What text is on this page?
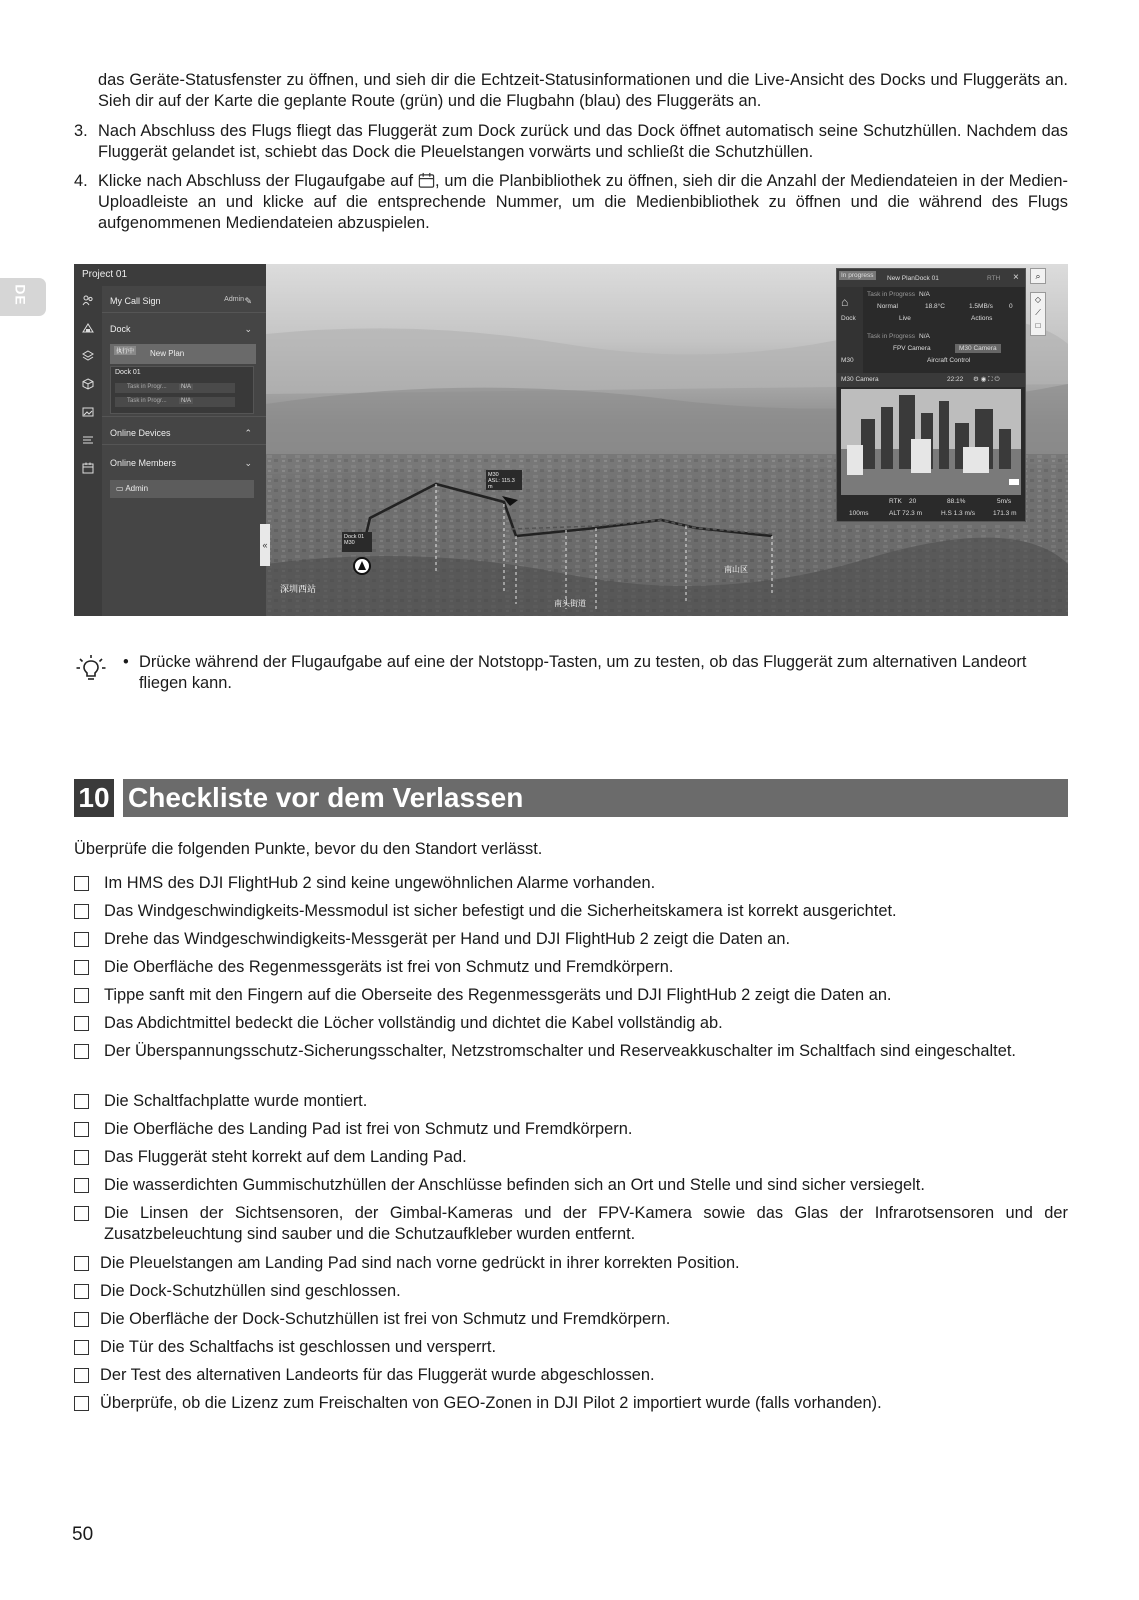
DE
das Geräte-Statusfenster zu öffnen, und sieh dir die Echtzeit-Statusinformationen und die Live-Ansicht des Docks und Fluggeräts an. Sieh dir auf der Karte die geplante Route (grün) und die Flugbahn (blau) des Fluggeräts an.
3. Nach Abschluss des Flugs fliegt das Fluggerät zum Dock zurück und das Dock öffnet automatisch seine Schutzhüllen. Nachdem das Fluggerät gelandet ist, schiebt das Dock die Pleuelstangen vorwärts und schließt die Schutzhüllen.
4. Klicke nach Abschluss der Flugaufgabe auf , um die Planbibliothek zu öffnen, sieh dir die Anzahl der Mediendateien in der Medien-Uploadleiste an und klicke auf die entsprechende Nummer, um die Medienbibliothek zu öffnen und die während des Flugs aufgenommenen Mediendateien abzuspielen.
M30
ASL: 115.3 m
Dock 01
M30
深圳西站
南山区
南头街道
Project 01
My Call Sign	Admin ✎
Dock	⌄
执行中 New Plan
Dock 01
Task in Progr...	N/A
Task in Progr...	N/A
Online Devices	⌃
Online Members	⌄
▭ Admin
«
In progress	New Plan Dock 01	RTH ×
⌂
Dock
M30
Task in Progress N/A
Normal	18.8°C	1.5MB/s 0
Live	Actions
Task in Progress N/A
FPV Camera	M30 Camera
Aircraft Control
M30 Camera	22:22 ⚙ ◉ ⛶ ⏻
RTK 20	88.1%	5m/s
100ms	ALT 72.3 m	H.S 1.3 m/s	171.3 m
⌕
◇
⟋
□
• Drücke während der Flugaufgabe auf eine der Notstopp-Tasten, um zu testen, ob das Fluggerät zum alternativen Landeort fliegen kann.
10 Checkliste vor dem Verlassen
Überprüfe die folgenden Punkte, bevor du den Standort verlässt.
Im HMS des DJI FlightHub 2 sind keine ungewöhnlichen Alarme vorhanden.
Das Windgeschwindigkeits-Messmodul ist sicher befestigt und die Sicherheitskamera ist korrekt ausgerichtet.
Drehe das Windgeschwindigkeits-Messgerät per Hand und DJI FlightHub 2 zeigt die Daten an.
Die Oberfläche des Regenmessgeräts ist frei von Schmutz und Fremdkörpern.
Tippe sanft mit den Fingern auf die Oberseite des Regenmessgeräts und DJI FlightHub 2 zeigt die Daten an.
Das Abdichtmittel bedeckt die Löcher vollständig und dichtet die Kabel vollständig ab.
Der Überspannungsschutz-Sicherungsschalter, Netzstromschalter und Reserveakkuschalter im Schaltfach sind eingeschaltet.
Die Schaltfachplatte wurde montiert.
Die Oberfläche des Landing Pad ist frei von Schmutz und Fremdkörpern.
Das Fluggerät steht korrekt auf dem Landing Pad.
Die wasserdichten Gummischutzhüllen der Anschlüsse befinden sich an Ort und Stelle und sind sicher versiegelt.
Die Linsen der Sichtsensoren, der Gimbal-Kameras und der FPV-Kamera sowie das Glas der Infrarotsensoren und der Zusatzbeleuchtung sind sauber und die Schutzaufkleber wurden entfernt.
Die Pleuelstangen am Landing Pad sind nach vorne gedrückt in ihrer korrekten Position.
Die Dock-Schutzhüllen sind geschlossen.
Die Oberfläche der Dock-Schutzhüllen ist frei von Schmutz und Fremdkörpern.
Die Tür des Schaltfachs ist geschlossen und versperrt.
Der Test des alternativen Landeorts für das Fluggerät wurde abgeschlossen.
Überprüfe, ob die Lizenz zum Freischalten von GEO-Zonen in DJI Pilot 2 importiert wurde (falls vorhanden).
50
